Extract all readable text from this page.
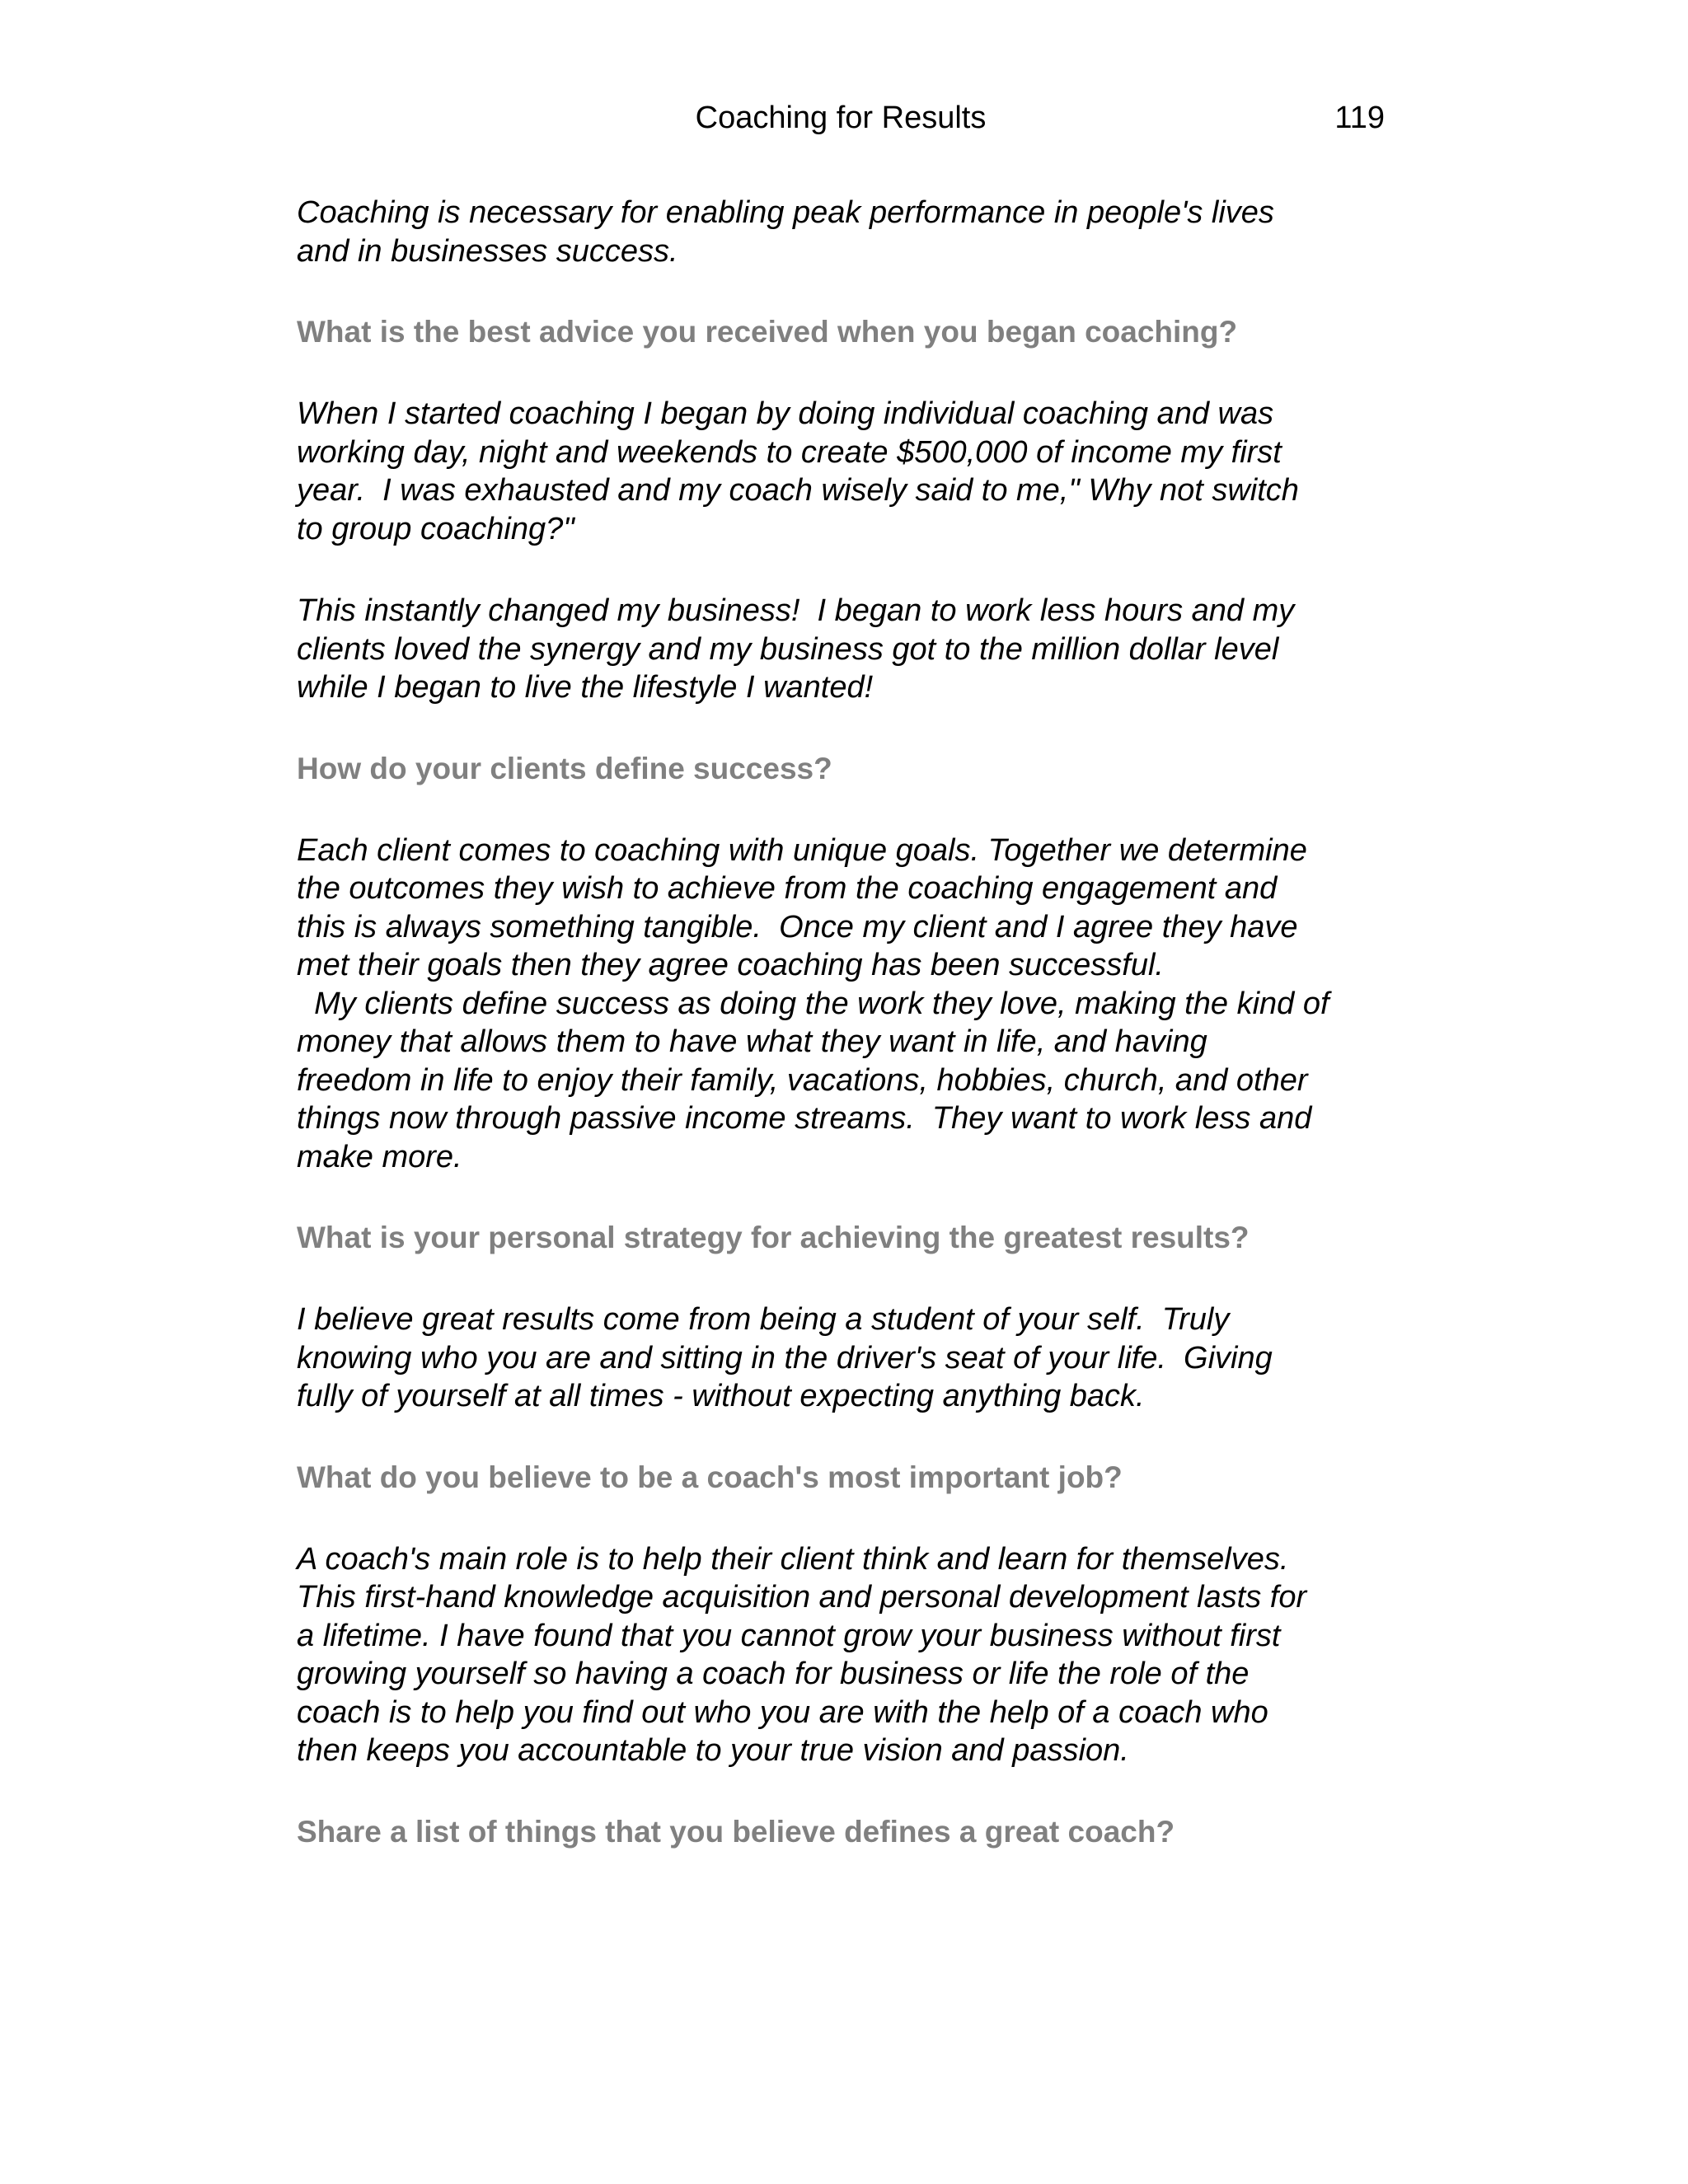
Coaching for Results	119

Coaching is necessary for enabling peak performance in people's lives
and in businesses success.

What is the best advice you received when you began coaching?

When I started coaching I began by doing individual coaching and was
working day, night and weekends to create $500,000 of income my first
year.  I was exhausted and my coach wisely said to me," Why not switch
to group coaching?"

This instantly changed my business!  I began to work less hours and my
clients loved the synergy and my business got to the million dollar level
while I began to live the lifestyle I wanted!

How do your clients define success?

Each client comes to coaching with unique goals. Together we determine
the outcomes they wish to achieve from the coaching engagement and
this is always something tangible.  Once my client and I agree they have
met their goals then they agree coaching has been successful.

My clients define success as doing the work they love, making the kind of
money that allows them to have what they want in life, and having
freedom in life to enjoy their family, vacations, hobbies, church, and other
things now through passive income streams.  They want to work less and
make more.

What is your personal strategy for achieving the greatest results?

I believe great results come from being a student of your self.  Truly
knowing who you are and sitting in the driver's seat of your life.  Giving
fully of yourself at all times - without expecting anything back.

What do you believe to be a coach's most important job?

A coach's main role is to help their client think and learn for themselves.
This first-hand knowledge acquisition and personal development lasts for
a lifetime. I have found that you cannot grow your business without first
growing yourself so having a coach for business or life the role of the
coach is to help you find out who you are with the help of a coach who
then keeps you accountable to your true vision and passion.

Share a list of things that you believe defines a great coach?
